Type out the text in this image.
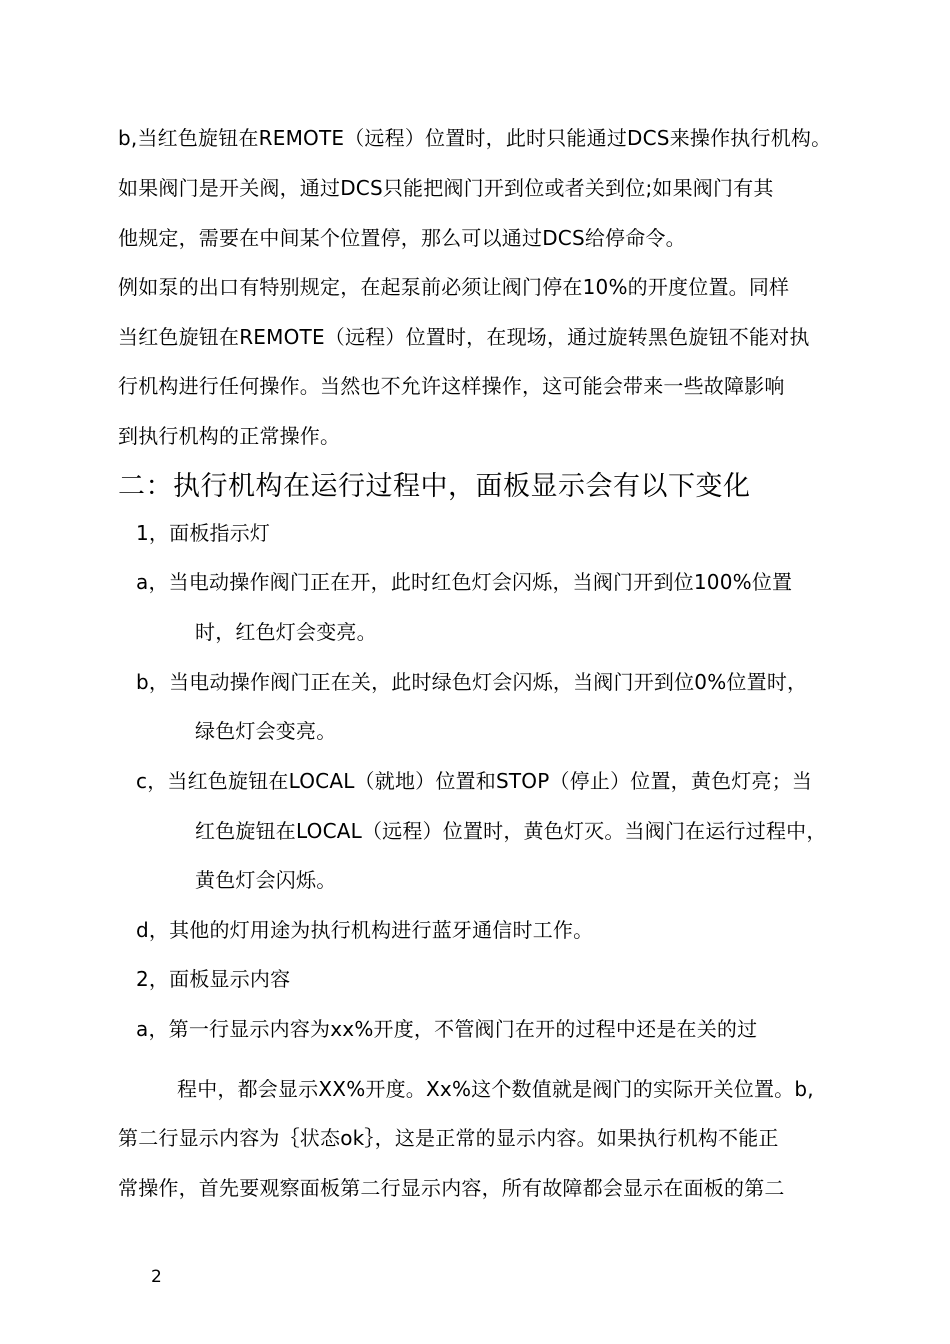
b,当红色旋钮在REMOTE（远程）位置时，此时只能通过DCS来操作执行机构。
如果阀门是开关阀，通过DCS只能把阀门开到位或者关到位;如果阀门有其
他规定，需要在中间某个位置停，那么可以通过DCS给停命令。
例如泵的出口有特别规定，在起泵前必须让阀门停在10%的开度位置。同样
当红色旋钮在REMOTE（远程）位置时，在现场，通过旋转黑色旋钮不能对执
行机构进行任何操作。当然也不允许这样操作，这可能会带来一些故障影响
到执行机构的正常操作。
二：执行机构在运行过程中，面板显示会有以下变化
1，面板指示灯
a，当电动操作阀门正在开，此时红色灯会闪烁，当阀门开到位100%位置
时，红色灯会变亮。
b，当电动操作阀门正在关，此时绿色灯会闪烁，当阀门开到位0%位置时，
绿色灯会变亮。
c，当红色旋钮在LOCAL（就地）位置和STOP（停止）位置，黄色灯亮；当
红色旋钮在LOCAL（远程）位置时，黄色灯灭。当阀门在运行过程中，
黄色灯会闪烁。
d，其他的灯用途为执行机构进行蓝牙通信时工作。
2，面板显示内容
a，第一行显示内容为xx%开度，不管阀门在开的过程中还是在关的过
程中，都会显示XX%开度。Xx%这个数值就是阀门的实际开关位置。b,
第二行显示内容为｛状态ok｝，这是正常的显示内容。如果执行机构不能正
常操作，首先要观察面板第二行显示内容，所有故障都会显示在面板的第二
2
